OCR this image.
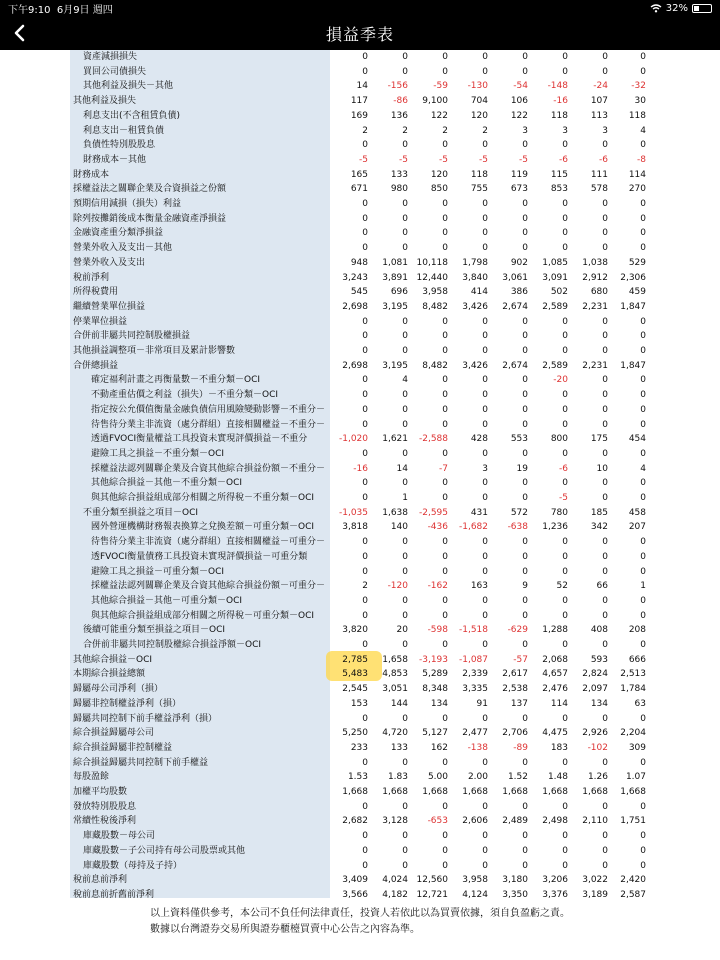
下午9:10 6月9日 週四	32%
損益季表
資產減損損失	0	0	0	0	0	0	0	0
買回公司債損失	0	0	0	0	0	0	0	0
其他利益及損失－其他	14	-156	-59	-130	-54	-148	-24	-32
其他利益及損失	117	-86	9,100	704	106	-16	107	30
利息支出(不含租賃負債)	169	136	122	120	122	118	113	118
利息支出－租賃負債	2	2	2	2	3	3	3	4
負債性特別股股息	0	0	0	0	0	0	0	0
財務成本－其他	-5	-5	-5	-5	-5	-6	-6	-8
財務成本	165	133	120	118	119	115	111	114
採權益法之關聯企業及合資損益之份額	671	980	850	755	673	853	578	270
預期信用減損（損失）利益	0	0	0	0	0	0	0	0
除列按攤銷後成本衡量金融資產淨損益	0	0	0	0	0	0	0	0
金融資產重分類淨損益	0	0	0	0	0	0	0	0
營業外收入及支出－其他	0	0	0	0	0	0	0	0
營業外收入及支出	948	1,081 10,118	1,798	902	1,085	1,038	529
稅前淨利	3,243	3,891 12,440	3,840	3,061	3,091	2,912	2,306
所得稅費用	545	696	3,958	414	386	502	680	459
繼續營業單位損益	2,698	3,195	8,482	3,426	2,674	2,589	2,231	1,847
停業單位損益	0	0	0	0	0	0	0	0
合併前非屬共同控制股權損益	0	0	0	0	0	0	0	0
其他損益調整項－非常項目及累計影響數	0	0	0	0	0	0	0	0
合併總損益	2,698	3,195	8,482	3,426	2,674	2,589	2,231	1,847
確定福利計畫之再衡量數－不重分類－OCI	0	4	0	0	0	-20	0	0
不動產重估價之利益（損失）－不重分類－OCI	0	0	0	0	0	0	0	0
指定按公允價值衡量金融負債信用風險變動影響－不重分－	0	0	0	0	0	0	0	0
待售待分業主非流資（處分群組）直接相關權益－不重分－	0	0	0	0	0	0	0	0
透過FVOCI衡量權益工具投資未實現評價損益－不重分	-1,020	1,621	-2,588	428	553	800	175	454
避險工具之損益－不重分類－OCI	0	0	0	0	0	0	0	0
採權益法認列關聯企業及合資其他綜合損益份額－不重分－	-16	14	-7	3	19	-6	10	4
其他綜合損益－其他－不重分類－OCI	0	0	0	0	0	0	0	0
與其他綜合損益組成部分相關之所得稅－不重分類－OCI	0	1	0	0	0	-5	0	0
不重分類至損益之項目－OCI	-1,035	1,638	-2,595	431	572	780	185	458
國外營運機構財務報表換算之兌換差額－可重分類－OCI	3,818	140	-436	-1,682	-638	1,236	342	207
待售待分業主非流資（處分群組）直接相關權益－可重分－	0	0	0	0	0	0	0	0
透FVOCI衡量債務工具投資未實現評價損益－可重分類	0	0	0	0	0	0	0	0
避險工具之損益－可重分類－OCI	0	0	0	0	0	0	0	0
採權益法認列關聯企業及合資其他綜合損益份額－可重分－	2	-120	-162	163	9	52	66	1
其他綜合損益－其他－可重分類－OCI	0	0	0	0	0	0	0	0
與其他綜合損益組成部分相關之所得稅－可重分類－OCI	0	0	0	0	0	0	0	0
後續可能重分類至損益之項目－OCI	3,820	20	-598	-1,518	-629	1,288	408	208
合併前非屬共同控制股權綜合損益淨額－OCI	0	0	0	0	0	0	0	0
其他綜合損益－OCI	2,785	1,658	-3,193	-1,087	-57	2,068	593	666
本期綜合損益總額	5,483	4,853	5,289	2,339	2,617	4,657	2,824	2,513
歸屬母公司淨利（損）	2,545	3,051	8,348	3,335	2,538	2,476	2,097	1,784
歸屬非控制權益淨利（損）	153	144	134	91	137	114	134	63
歸屬共同控制下前手權益淨利（損）	0	0	0	0	0	0	0	0
綜合損益歸屬母公司	5,250	4,720	5,127	2,477	2,706	4,475	2,926	2,204
綜合損益歸屬非控制權益	233	133	162	-138	-89	183	-102	309
綜合損益歸屬共同控制下前手權益	0	0	0	0	0	0	0	0
每股盈餘	1.53	1.83	5.00	2.00	1.52	1.48	1.26	1.07
加權平均股數	1,668	1,668	1,668	1,668	1,668	1,668	1,668	1,668
發放特別股股息	0	0	0	0	0	0	0	0
常續性稅後淨利	2,682	3,128	-653	2,606	2,489	2,498	2,110	1,751
庫藏股數－母公司	0	0	0	0	0	0	0	0
庫藏股數－子公司持有母公司股票或其他	0	0	0	0	0	0	0	0
庫藏股數（母持及子持）	0	0	0	0	0	0	0	0
稅前息前淨利	3,409	4,024 12,560	3,958	3,180	3,206	3,022	2,420
稅前息前折舊前淨利	3,566	4,182 12,721	4,124	3,350	3,376	3,189	2,587
以上資料僅供參考，本公司不負任何法律責任，投資人若依此以為買賣依據，須自負盈虧之責。
數據以台灣證券交易所與證券櫃檯買賣中心公告之內容為準。
